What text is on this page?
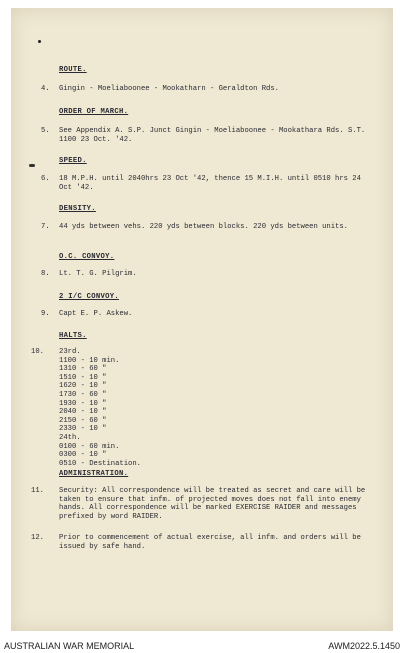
ROUTE.
4. Gingin - Moeliaboonee - Mookatharn - Geraldton Rds.
ORDER OF MARCH.
5. See Appendix A. S.P. Junct Gingin - Moeliaboonee - Mookathara Rds. S.T. 1100 23 Oct. '42.
SPEED.
6. 18 M.P.H. until 2040hrs 23 Oct '42, thence 15 M.I.H. until 0510 hrs 24 Oct '42.
DENSITY.
7. 44 yds between vehs. 220 yds between blocks. 220 yds between units.
O.C. CONVOY.
8. Lt. T. G. Pilgrim.
2 I/C CONVOY.
9. Capt E. P. Askew.
HALTS.
10. 23rd.
1100 - 10 min.
1310 - 60 "
1510 - 10 "
1620 - 10 "
1730 - 60 "
1930 - 10 "
2040 - 10 "
2150 - 60 "
2330 - 10 "
24th.
0100 - 60 min.
0300 - 10 "
0510 - Destination.
ADMINISTRATION.
11. Security: All correspondence will be treated as secret and care will be taken to ensure that infm. of projected moves does not fall into enemy hands. All correspondence will be marked EXERCISE RAIDER and messages prefixed by word RAIDER.
12. Prior to commencement of actual exercise, all infm. and orders will be issued by safe hand.
AUSTRALIAN WAR MEMORIAL	AWM2022.5.1450
